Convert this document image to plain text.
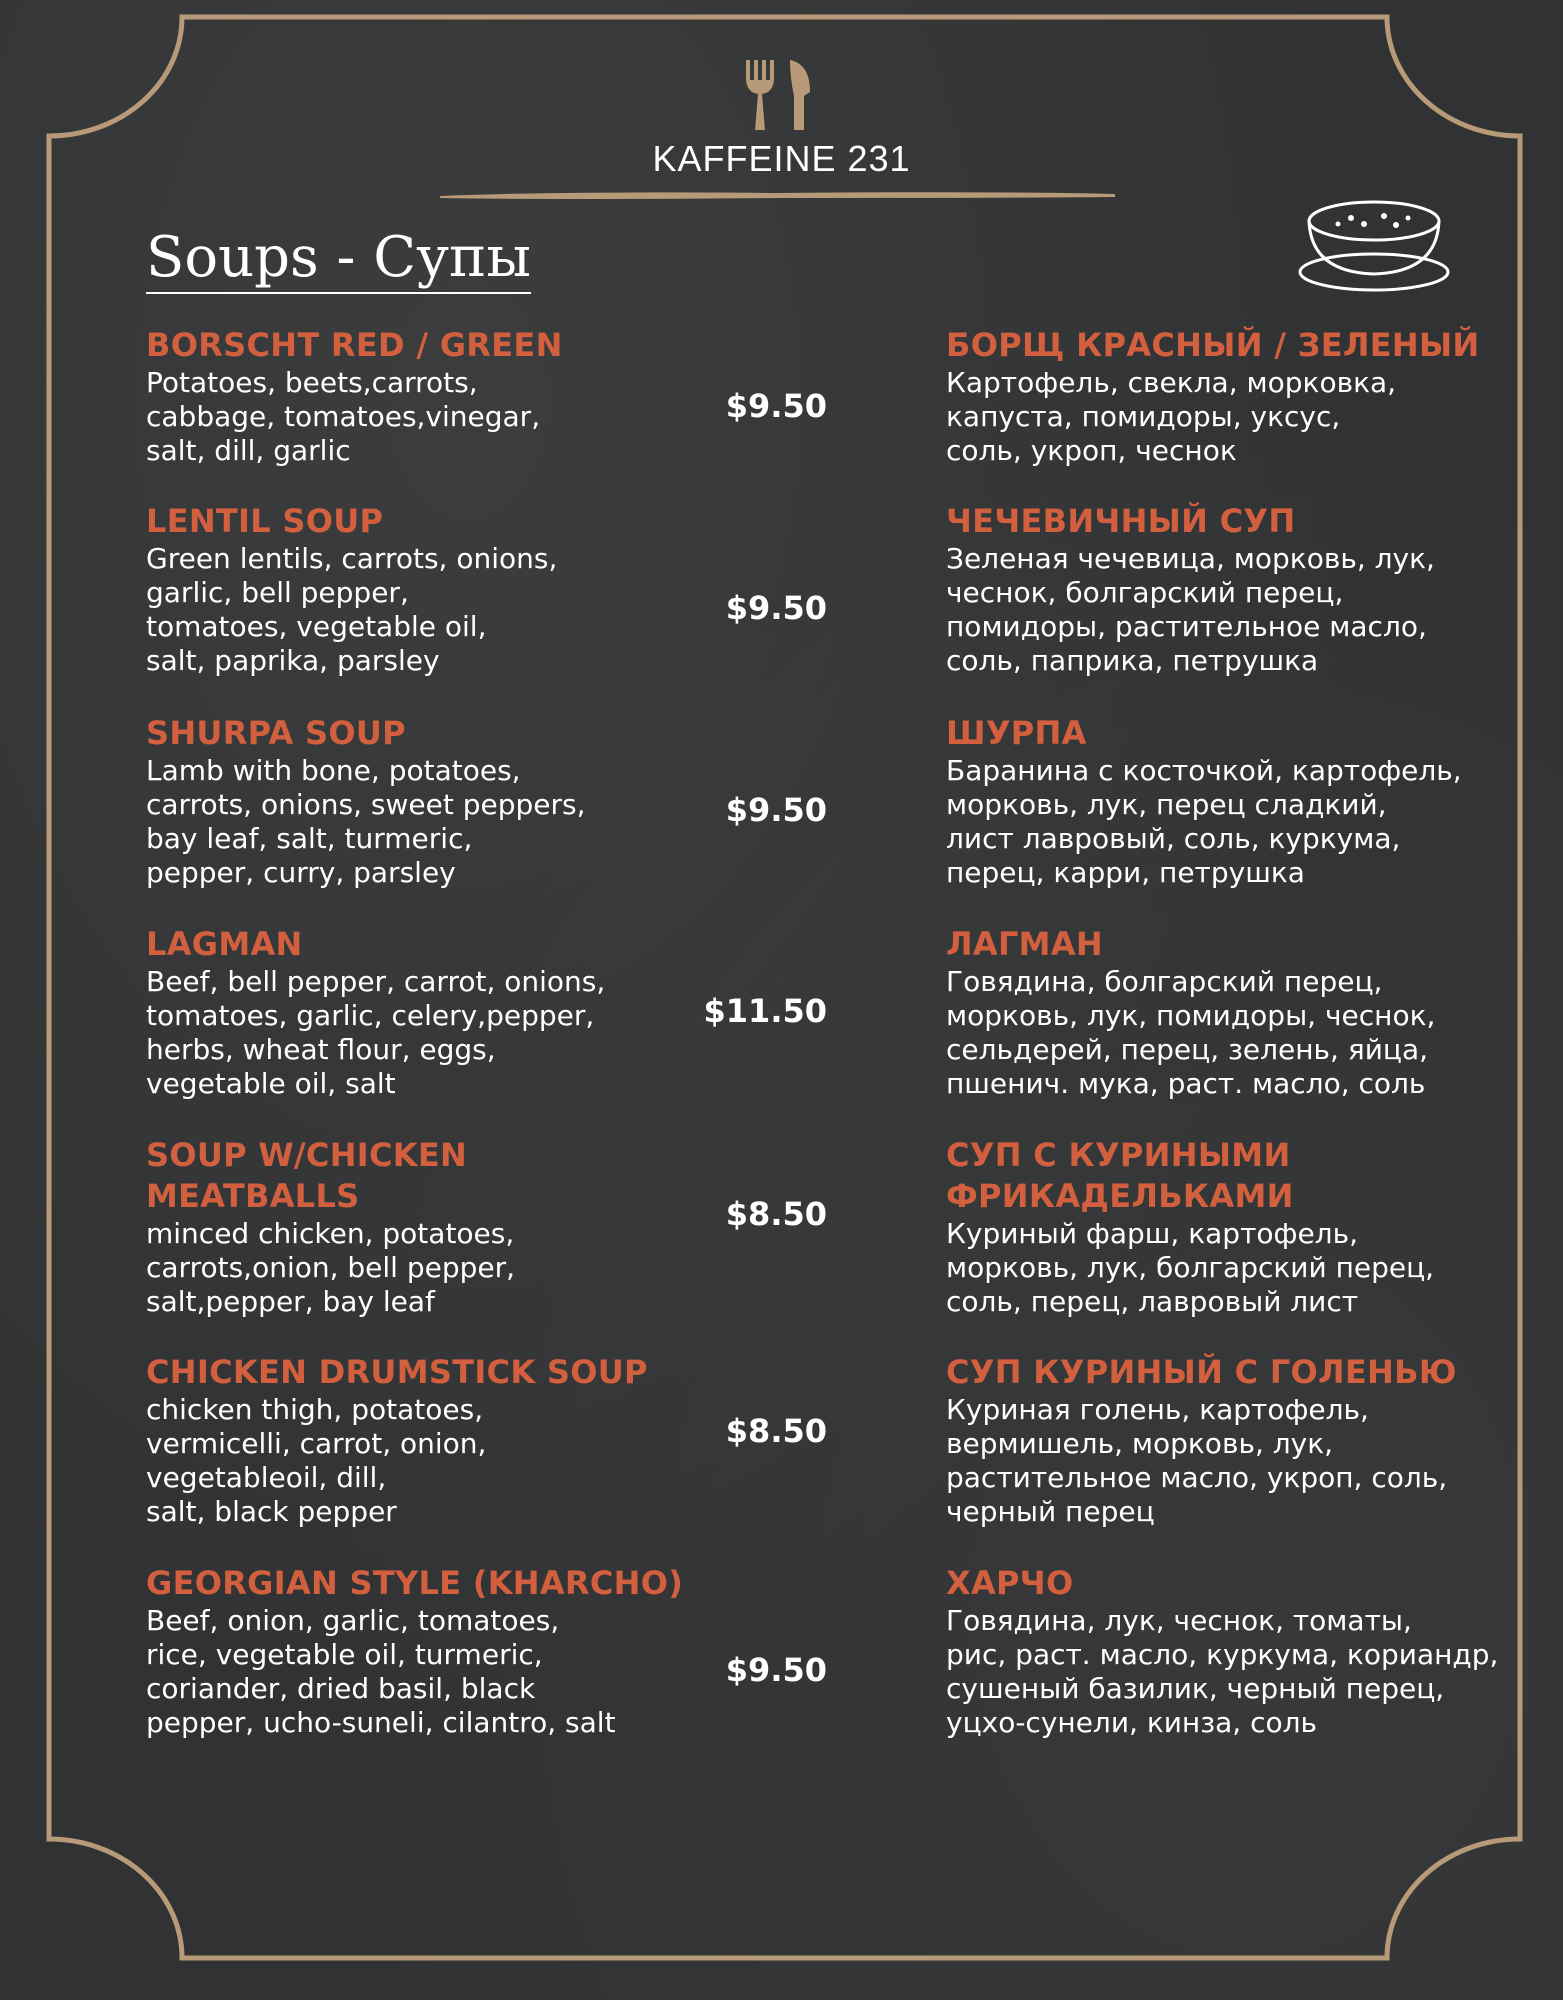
KAFFEINE 231
Soups - Супы
BORSCHT RED / GREEN
Potatoes, beets,carrots,
cabbage, tomatoes,vinegar,
salt, dill, garlic
$9.50
БОРЩ КРАСНЫЙ / ЗЕЛЕНЫЙ
Картофель, свекла, морковка,
капуста, помидоры, уксус,
соль, укроп, чеснок
LENTIL SOUP
Green lentils, carrots, onions,
garlic, bell pepper,
tomatoes, vegetable oil,
salt, paprika, parsley
$9.50
ЧЕЧЕВИЧНЫЙ СУП
Зеленая чечевица, морковь, лук,
чеснок, болгарский перец,
помидоры, растительное масло,
соль, паприка, петрушка
SHURPA SOUP
Lamb with bone, potatoes,
carrots, onions, sweet peppers,
bay leaf, salt, turmeric,
pepper, curry, parsley
$9.50
ШУРПА
Баранина с косточкой, картофель,
морковь, лук, перец сладкий,
лист лавровый, соль, куркума,
перец, карри, петрушка
LAGMAN
Beef, bell pepper, carrot, onions,
tomatoes, garlic, celery,pepper,
herbs, wheat flour, eggs,
vegetable oil, salt
$11.50
ЛАГМАН
Говядина, болгарский перец,
морковь, лук, помидоры, чеснок,
сельдерей, перец, зелень, яйца,
пшенич. мука, раст. масло, соль
SOUP W/CHICKEN
MEATBALLS
minced chicken, potatoes,
carrots,onion, bell pepper,
salt,pepper, bay leaf
$8.50
СУП С КУРИНЫМИ
ФРИКАДЕЛЬКАМИ
Куриный фарш, картофель,
морковь, лук, болгарский перец,
соль, перец, лавровый лист
CHICKEN DRUMSTICK SOUP
chicken thigh, potatoes,
vermicelli, carrot, onion,
vegetableoil, dill,
salt, black pepper
$8.50
СУП КУРИНЫЙ С ГОЛЕНЬЮ
Куриная голень, картофель,
вермишель, морковь, лук,
растительное масло, укроп, соль,
черный перец
GEORGIAN STYLE (KHARCHO)
Beef, onion, garlic, tomatoes,
rice, vegetable oil, turmeric,
coriander, dried basil, black
pepper, ucho-suneli, cilantro, salt
$9.50
ХАРЧО
Говядина, лук, чеснок, томаты,
рис, раст. масло, куркума, кориандр,
сушеный базилик, черный перец,
уцхо-сунели, кинза, соль
